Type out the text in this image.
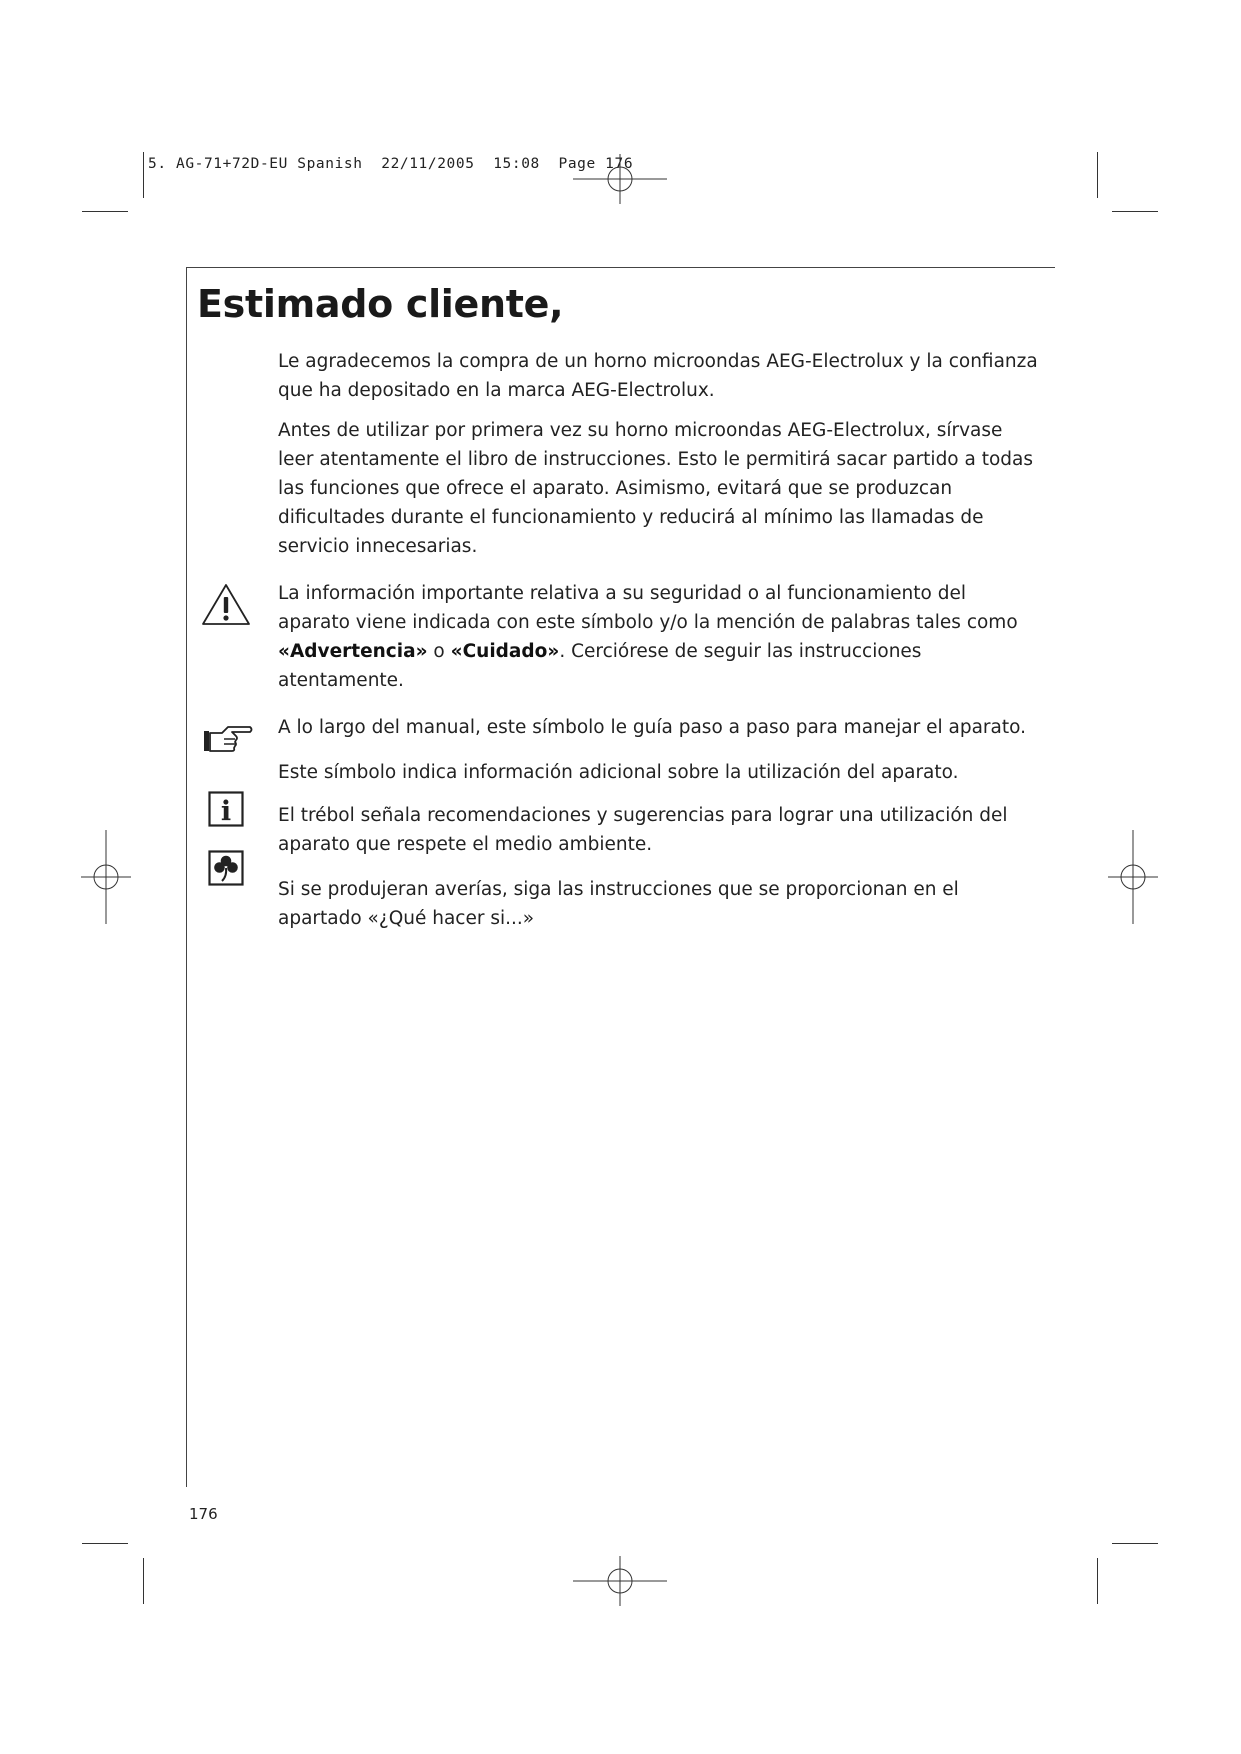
5. AG-71+72D-EU Spanish  22/11/2005  15:08  Page 176
Estimado cliente,

Le agradecemos la compra de un horno microondas AEG-Electrolux y la confianza que ha depositado en la marca AEG-Electrolux.

Antes de utilizar por primera vez su horno microondas AEG-Electrolux, sírvase leer atentamente el libro de instrucciones. Esto le permitirá sacar partido a todas las funciones que ofrece el aparato. Asimismo, evitará que se produzcan dificultades durante el funcionamiento y reducirá al mínimo las llamadas de servicio innecesarias.

La información importante relativa a su seguridad o al funcionamiento del aparato viene indicada con este símbolo y/o la mención de palabras tales como «Advertencia» o «Cuidado». Cerciórese de seguir las instrucciones atentamente.

A lo largo del manual, este símbolo le guía paso a paso para manejar el aparato.

Este símbolo indica información adicional sobre la utilización del aparato.

El trébol señala recomendaciones y sugerencias para lograr una utilización del aparato que respete el medio ambiente.

Si se produjeran averías, siga las instrucciones que se proporcionan en el apartado «¿Qué hacer si...»

i
176
